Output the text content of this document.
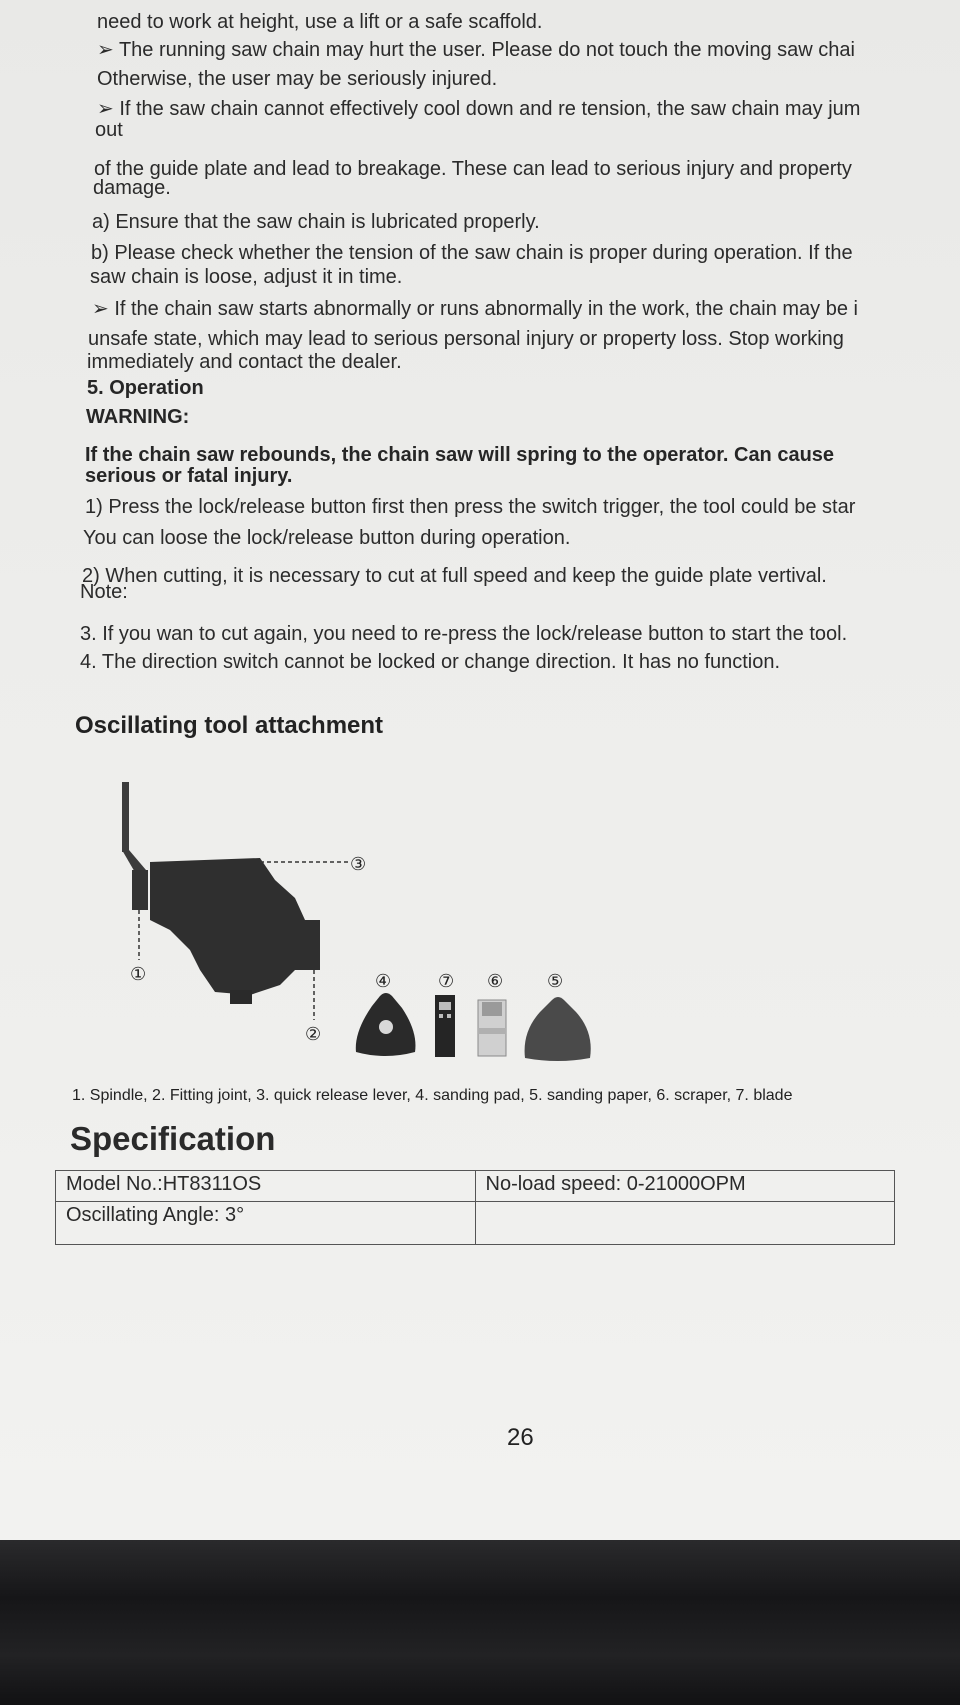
need to work at height, use a lift or a safe scaffold.
➢ The running saw chain may hurt the user. Please do not touch the moving saw chai
Otherwise, the user may be seriously injured.
➢ If the saw chain cannot effectively cool down and re tension, the saw chain may jum
out
of the guide plate and lead to breakage. These can lead to serious injury and property
damage.
a) Ensure that the saw chain is lubricated properly.
b) Please check whether the tension of the saw chain is proper during operation. If the
saw chain is loose, adjust it in time.
➢ If the chain saw starts abnormally or runs abnormally in the work, the chain may be i
unsafe state, which may lead to serious personal injury or property loss. Stop working
immediately and contact the dealer.
5. Operation
WARNING:
If the chain saw rebounds, the chain saw will spring to the operator. Can cause
serious or fatal injury.
1) Press the lock/release button first then press the switch trigger, the tool could be star
You can loose the lock/release button during operation.
2) When cutting, it is necessary to cut at full speed and keep the guide plate vertival.
Note:
3. If you wan to cut again, you need to re-press the lock/release button to start the tool.
4. The direction switch cannot be locked or change direction. It has no function.
Oscillating tool attachment
③
①
②
④	⑦ ⑥ ⑤
1. Spindle, 2. Fitting joint, 3. quick release lever, 4. sanding pad, 5. sanding paper, 6. scraper, 7. blade
Specification
Model No.:HT8311OS	No-load speed: 0-21000OPM
Oscillating Angle: 3°	
26
